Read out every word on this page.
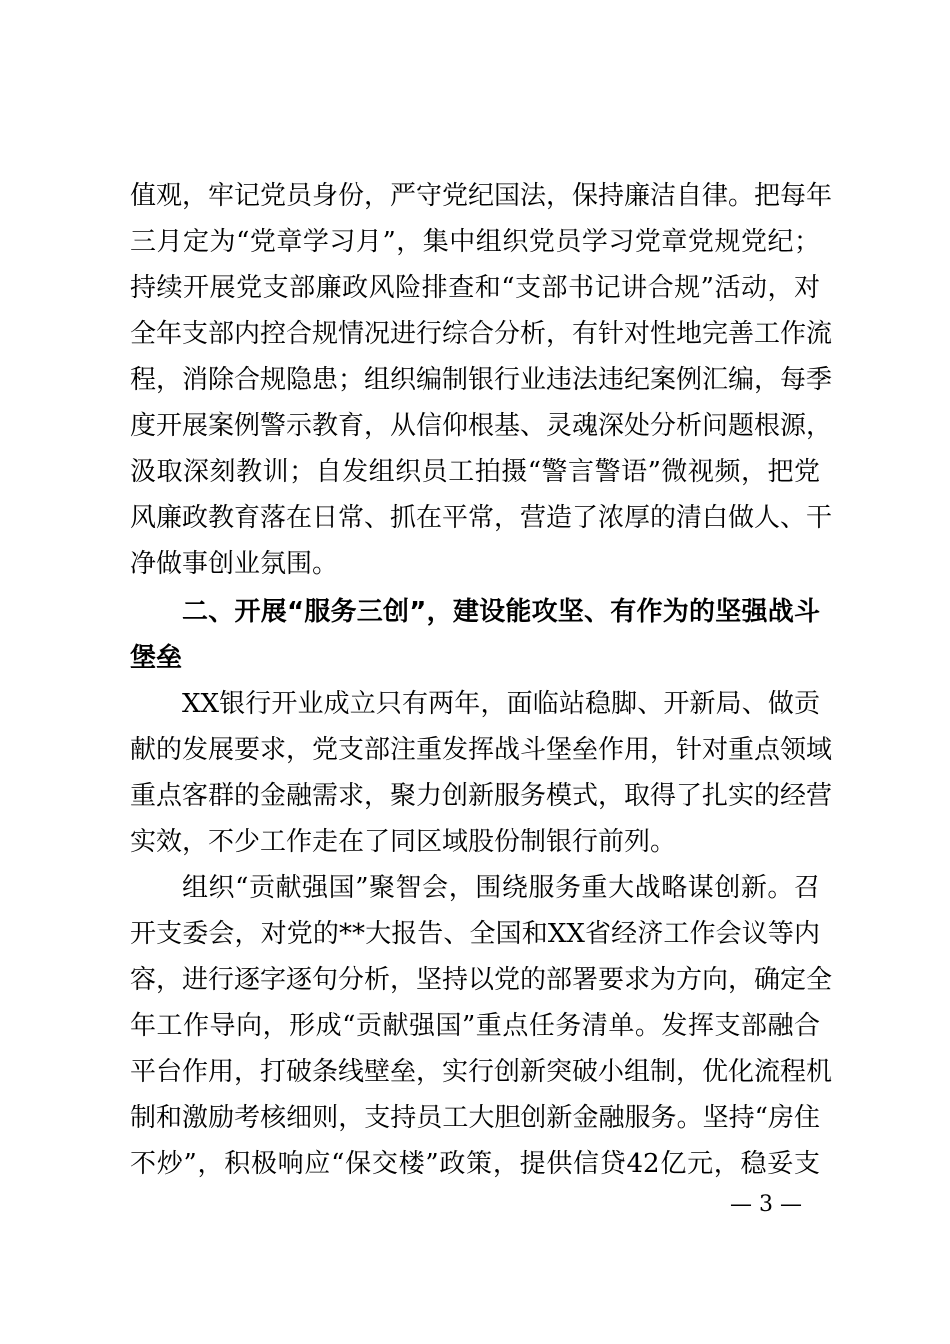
值观，牢记党员身份，严守党纪国法，保持廉洁自律。把每年
三月定为“党章学习月”，集中组织党员学习党章党规党纪；
持续开展党支部廉政风险排查和“支部书记讲合规”活动，对
全年支部内控合规情况进行综合分析，有针对性地完善工作流
程，消除合规隐患；组织编制银行业违法违纪案例汇编，每季
度开展案例警示教育，从信仰根基、灵魂深处分析问题根源，
汲取深刻教训；自发组织员工拍摄“警言警语”微视频，把党
风廉政教育落在日常、抓在平常，营造了浓厚的清白做人、干
净做事创业氛围。
二、开展“服务三创”，建设能攻坚、有作为的坚强战斗
堡垒
XX银行开业成立只有两年，面临站稳脚、开新局、做贡
献的发展要求，党支部注重发挥战斗堡垒作用，针对重点领域
重点客群的金融需求，聚力创新服务模式，取得了扎实的经营
实效，不少工作走在了同区域股份制银行前列。
组织“贡献强国”聚智会，围绕服务重大战略谋创新。召
开支委会，对党的**大报告、全国和XX省经济工作会议等内
容，进行逐字逐句分析，坚持以党的部署要求为方向，确定全
年工作导向，形成“贡献强国”重点任务清单。发挥支部融合
平台作用，打破条线壁垒，实行创新突破小组制，优化流程机
制和激励考核细则，支持员工大胆创新金融服务。坚持“房住
不炒”，积极响应“保交楼”政策，提供信贷42亿元，稳妥支
— 3 —
